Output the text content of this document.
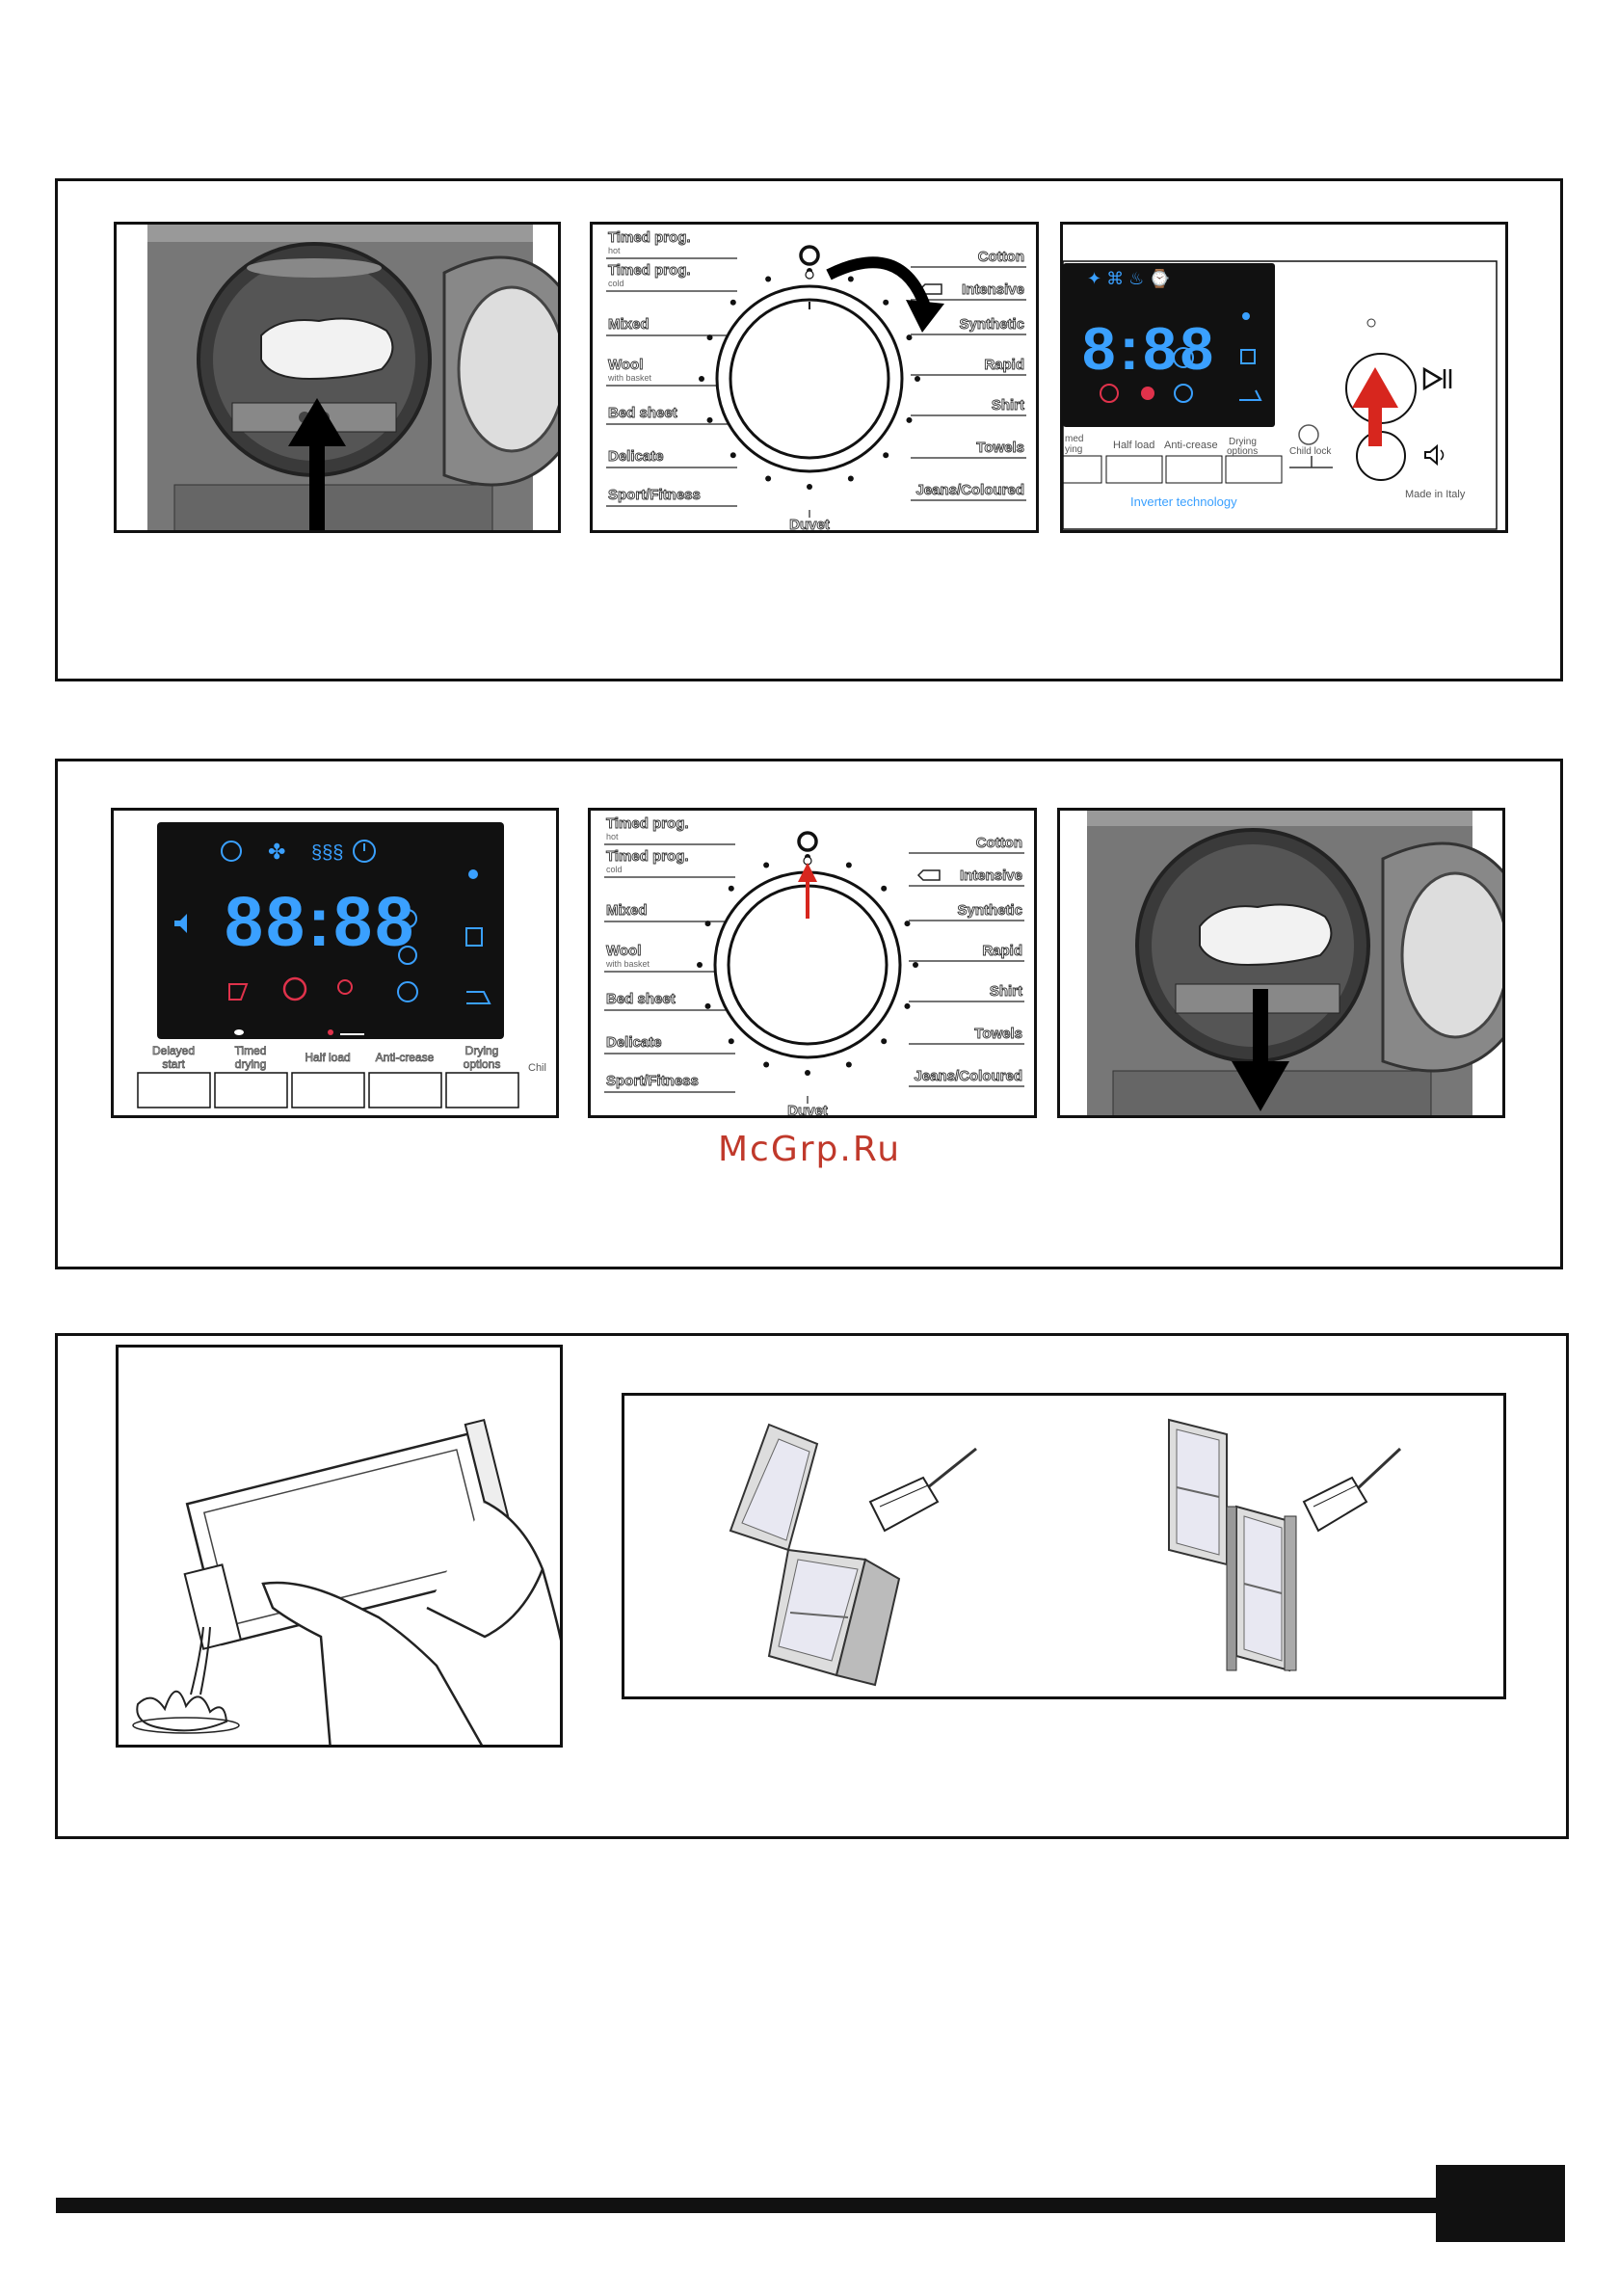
Timed prog.
hot
Timed prog.
cold
Mixed
Wool
with basket
Bed sheet
Delicate
Sport/Fitness
Cotton
Intensive
Synthetic
Rapid
Shirt
Towels
Jeans/Coloured
Duvet
8:88
✦ ⌘ ♨ ⌚
med
ying	Half load Anti-crease Drying
options
Inverter technology	Made in Italy
Child lock
✤ §§§
88:88
Delayed
start
Timed
drying	Half load Anti-crease	Drying
options	Chil
Timed prog.
hot
Timed prog.
cold
Mixed
Wool
with basket
Bed sheet
Delicate
Sport/Fitness
Cotton
Intensive
Synthetic
Rapid
Shirt
Towels
Jeans/Coloured
Duvet
McGrp.Ru
